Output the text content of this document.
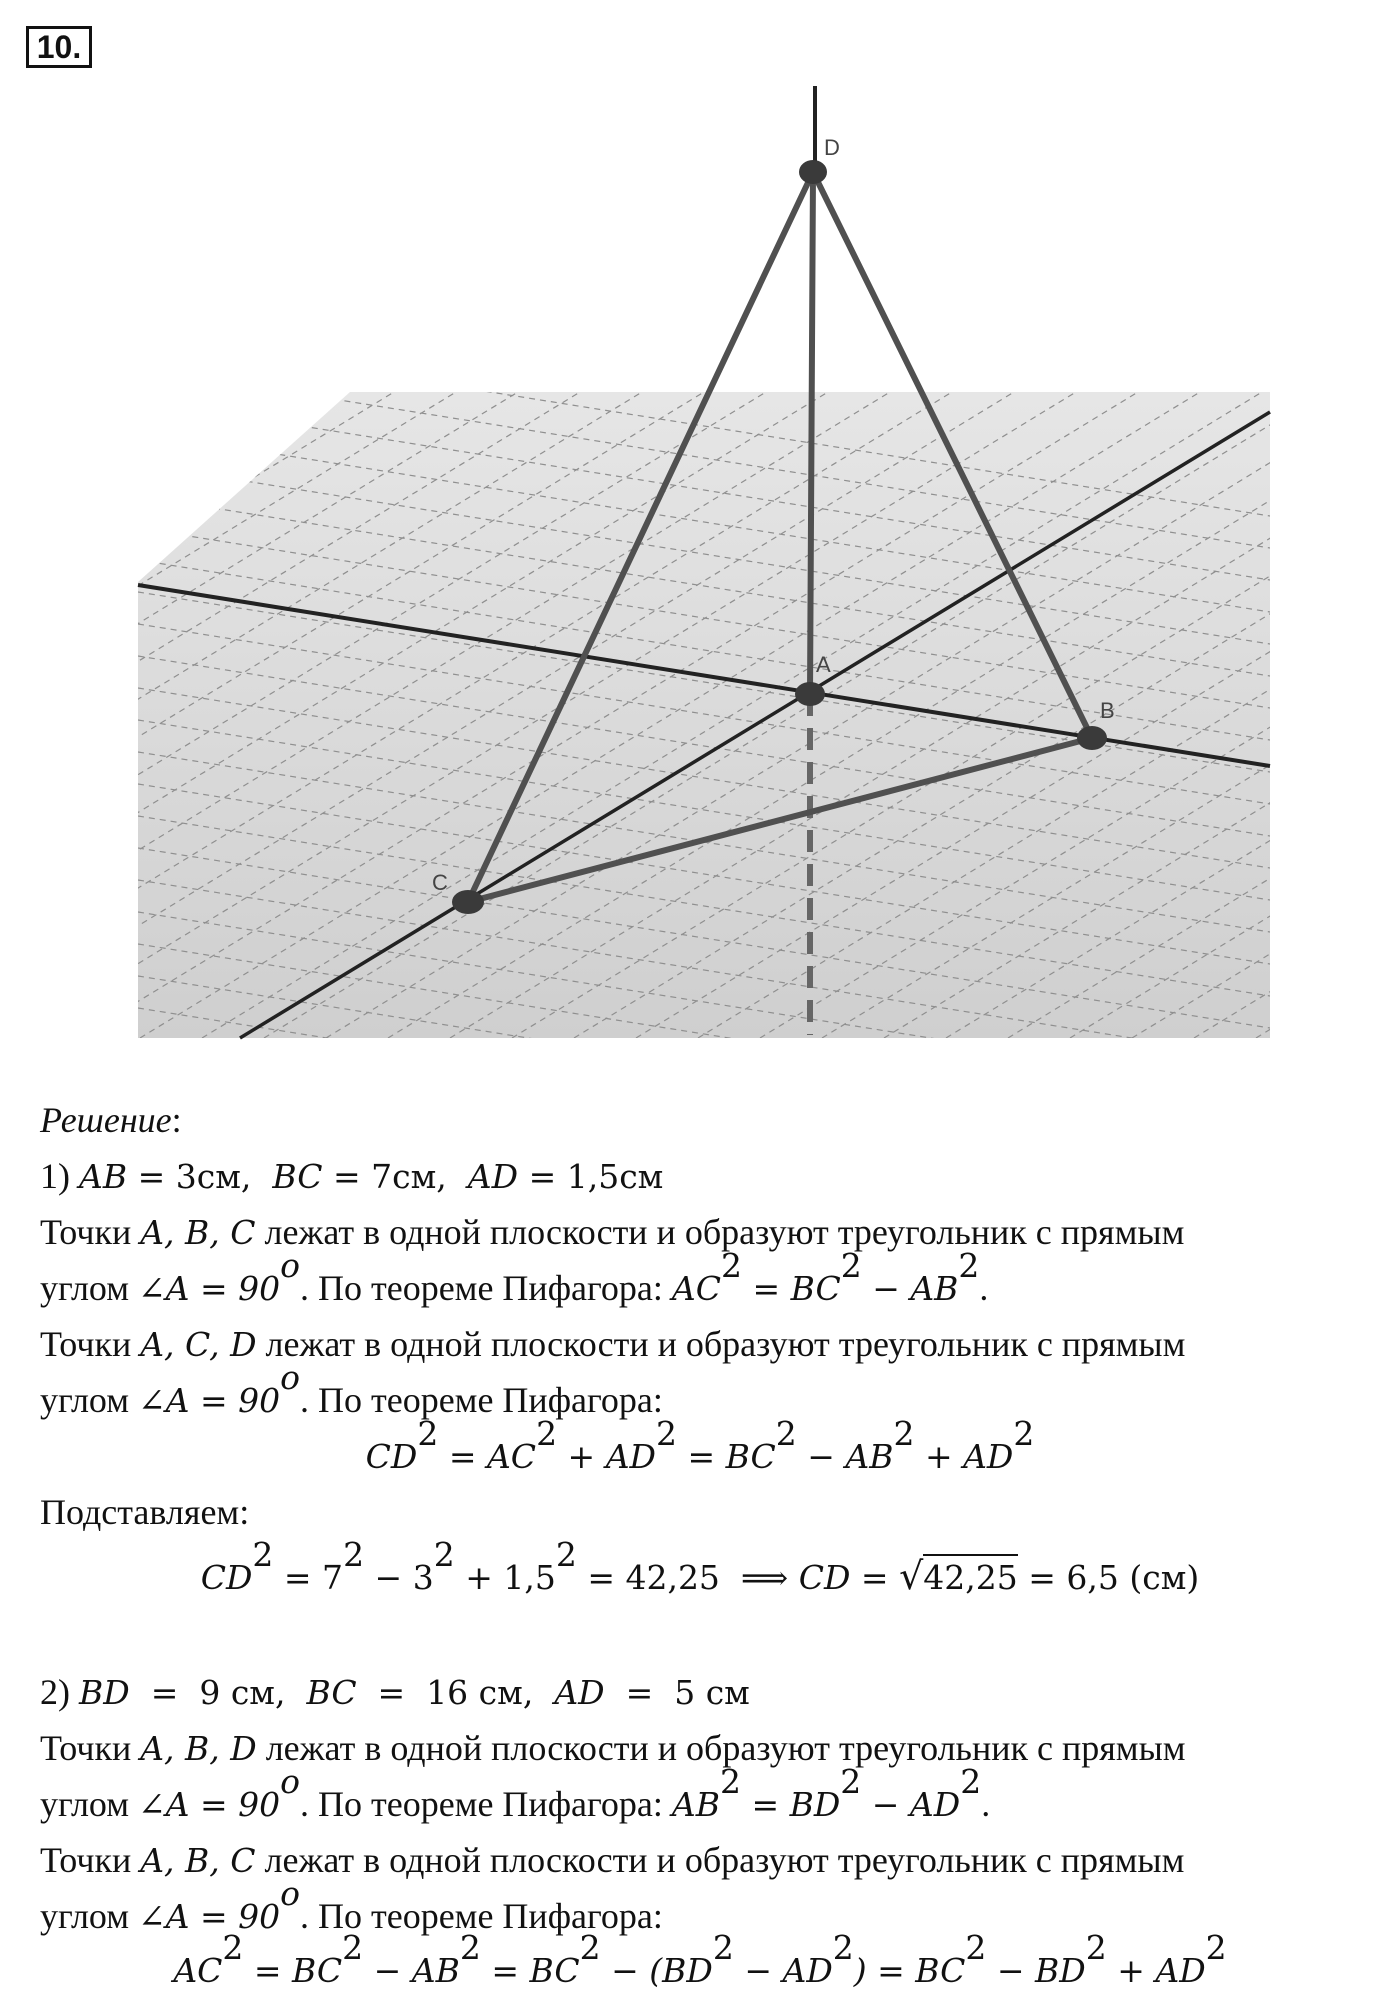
10.
D
A
B
C
Решение:
1) AB = 3см,  BC = 7см,  AD = 1,5см
Точки A, B, C лежат в одной плоскости и образуют треугольник с прямым
углом ∠A = $90^o$. По теореме Пифагора: $AC^2 = BC^2 - AB^2$.
Точки A, C, D лежат в одной плоскости и образуют треугольник с прямым
углом ∠A = $90^o$. По теореме Пифагора:
$CD^2 = AC^2 + AD^2 = BC^2 - AB^2 + AD^2$
Подставляем:
$CD^2 = 7^2 - 3^2 + 1,5^2 = 42,25$  ⟹ CD = √42,25 = 6,5 (см)
2) BD  =  9 см,  BC  =  16 см,  AD  =  5 см
Точки A, B, D лежат в одной плоскости и образуют треугольник с прямым
углом ∠A = $90^o$. По теореме Пифагора: $AB^2 = BD^2 - AD^2$.
Точки A, B, C лежат в одной плоскости и образуют треугольник с прямым
углом ∠A = $90^o$. По теореме Пифагора:
$AC^2 = BC^2 - AB^2 = BC^2 - (BD^2 - AD^2) = BC^2 - BD^2 + AD^2$
